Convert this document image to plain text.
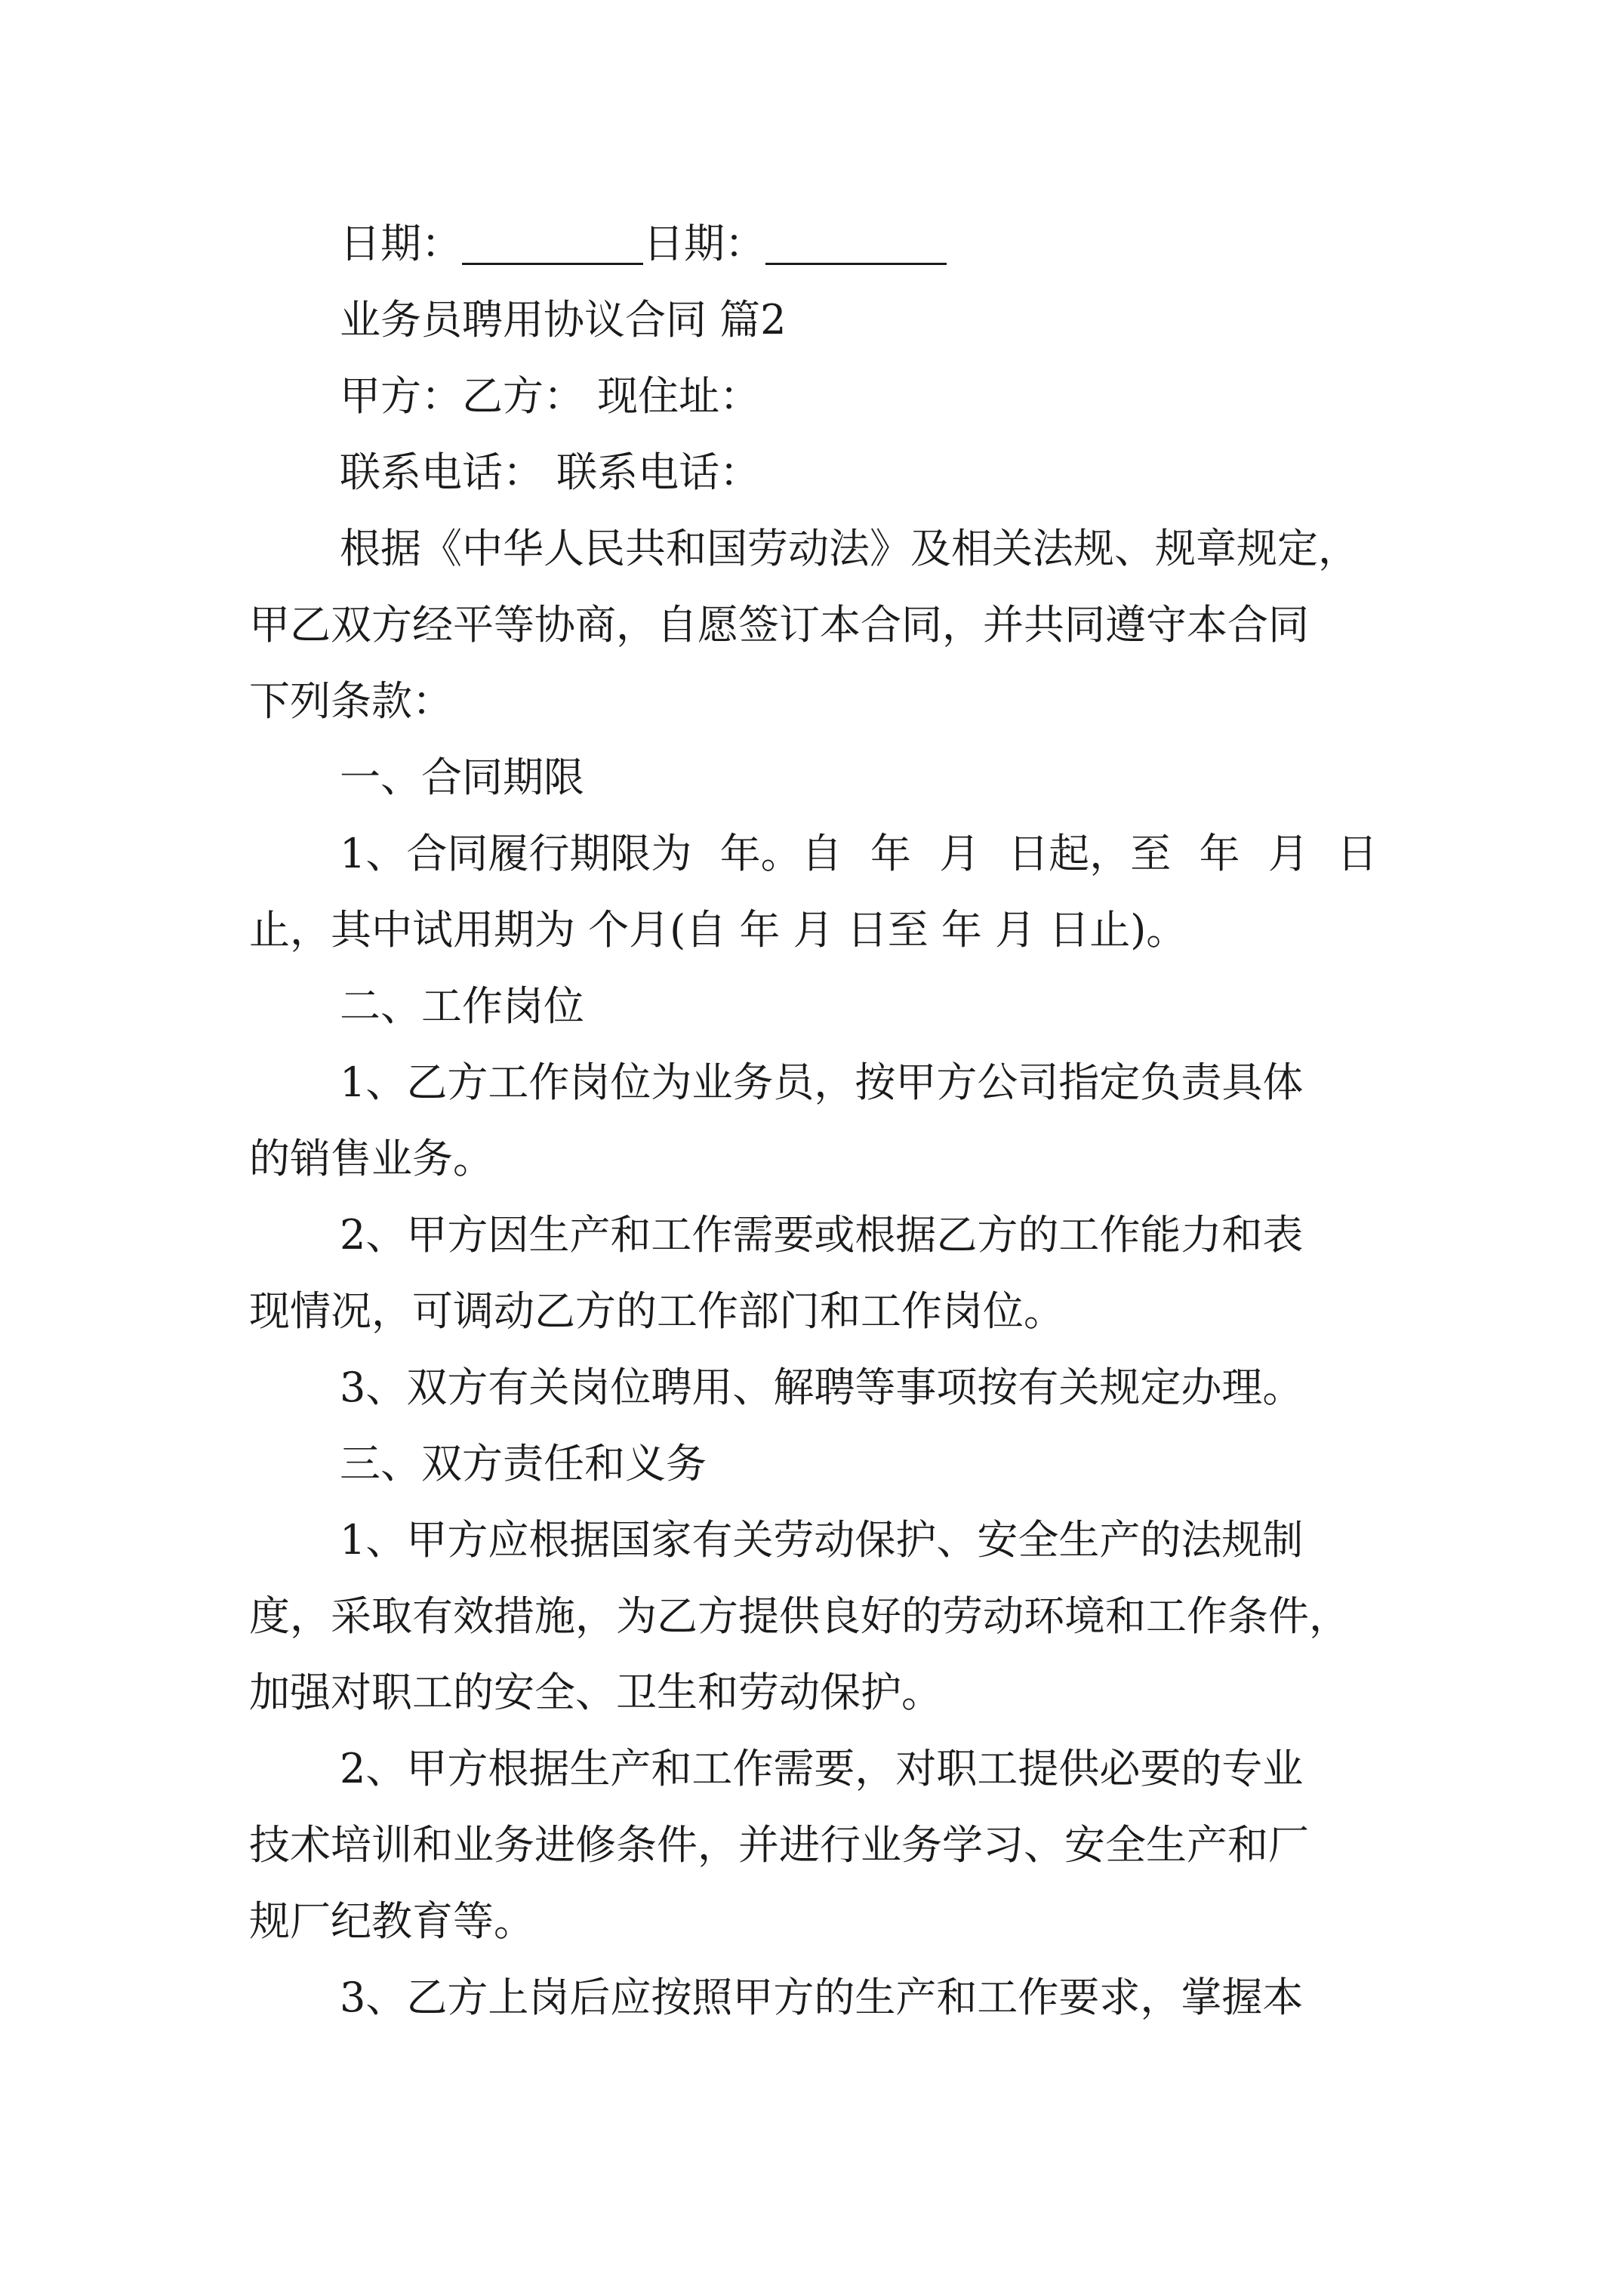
日期：	日期：
业务员聘用协议合同 篇2
甲方：乙方： 现住址：
联系电话： 联系电话：
根据《中华人民共和国劳动法》及相关法规、规章规定，
甲乙双方经平等协商，自愿签订本合同，并共同遵守本合同
下列条款：
一、合同期限
1、合同履行期限为 年。自 年 月 日起，至 年 月 日
止，其中试用期为 个月(自 年 月 日至 年 月 日止)。
二、工作岗位
1、乙方工作岗位为业务员，按甲方公司指定负责具体
的销售业务。
2、甲方因生产和工作需要或根据乙方的工作能力和表
现情况，可调动乙方的工作部门和工作岗位。
3、双方有关岗位聘用、解聘等事项按有关规定办理。
三、双方责任和义务
1、甲方应根据国家有关劳动保护、安全生产的法规制
度，采取有效措施，为乙方提供良好的劳动环境和工作条件，
加强对职工的安全、卫生和劳动保护。
2、甲方根据生产和工作需要，对职工提供必要的专业
技术培训和业务进修条件，并进行业务学习、安全生产和厂
规厂纪教育等。
3、乙方上岗后应按照甲方的生产和工作要求，掌握本
